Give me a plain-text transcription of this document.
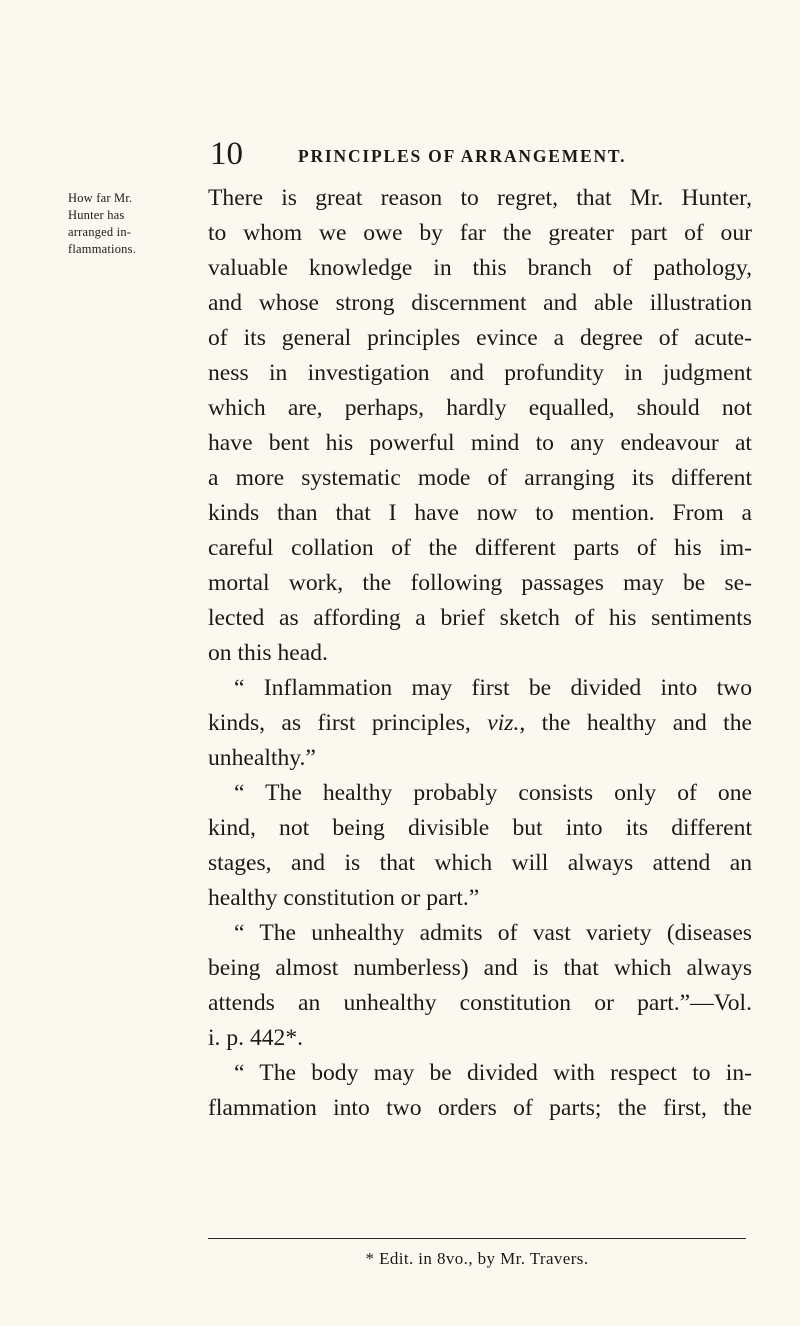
10	PRINCIPLES OF ARRANGEMENT.
How far Mr.
Hunter has
arranged in-
flammations.
There is great reason to regret, that Mr. Hunter,
to whom we owe by far the greater part of our
valuable knowledge in this branch of pathology,
and whose strong discernment and able illustration
of its general principles evince a degree of acute-
ness in investigation and profundity in judgment
which are, perhaps, hardly equalled, should not
have bent his powerful mind to any endeavour at
a more systematic mode of arranging its different
kinds than that I have now to mention. From a
careful collation of the different parts of his im-
mortal work, the following passages may be se-
lected as affording a brief sketch of his sentiments
on this head.
“ Inflammation may first be divided into two
kinds, as first principles, viz., the healthy and the
unhealthy.”
“ The healthy probably consists only of one
kind, not being divisible but into its different
stages, and is that which will always attend an
healthy constitution or part.”
“ The unhealthy admits of vast variety (diseases
being almost numberless) and is that which always
attends an unhealthy constitution or part.”—Vol.
i. p. 442*.
“ The body may be divided with respect to in-
flammation into two orders of parts; the first, the
* Edit. in 8vo., by Mr. Travers.
